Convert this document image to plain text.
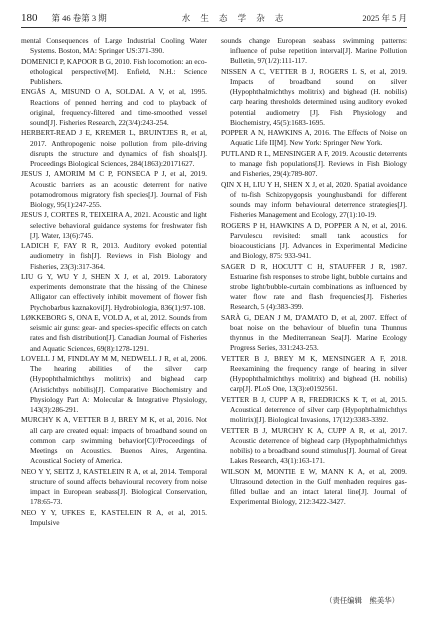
180 第 46 卷第 3 期	水 生 态 学 杂 志	2025 年 5 月
mental Consequences of Large Industrial Cooling Water Systems. Boston, MA: Springer US:371-390.
DOMENICI P, KAPOOR B G, 2010. Fish locomotion: an eco-ethological perspective[M]. Enfield, N.H.: Science Publishers.
ENGÅS A, MISUND O A, SOLDAL A V, et al, 1995. Reactions of penned herring and cod to playback of original, frequency-filtered and time-smoothed vessel sound[J]. Fisheries Research, 22(3/4):243-254.
HERBERT-READ J E, KREMER L, BRUINTJES R, et al, 2017. Anthropogenic noise pollution from pile-driving disrupts the structure and dynamics of fish shoals[J]. Proceedings Biological Sciences, 284(1863):20171627.
JESUS J, AMORIM M C P, FONSECA P J, et al, 2019. Acoustic barriers as an acoustic deterrent for native potamodromous migratory fish species[J]. Journal of Fish Biology, 95(1):247-255.
JESUS J, CORTES R, TEIXEIRA A, 2021. Acoustic and light selective behavioral guidance systems for freshwater fish [J]. Water, 13(6):745.
LADICH F, FAY R R, 2013. Auditory evoked potential audiometry in fish[J]. Reviews in Fish Biology and Fisheries, 23(3):317-364.
LIU G Y, WU Y J, SHEN X J, et al, 2019. Laboratory experiments demonstrate that the hissing of the Chinese Alligator can effectively inhibit movement of flower fish Ptychobarbus kaznakovi[J]. Hydrobiologia, 836(1):97-108.
LØKKEBORG S, ONA E, VOLD A, et al, 2012. Sounds from seismic air guns: gear- and species-specific effects on catch rates and fish distribution[J]. Canadian Journal of Fisheries and Aquatic Sciences, 69(8):1278-1291.
LOVELL J M, FINDLAY M M, NEDWELL J R, et al, 2006. The hearing abilities of the silver carp (Hypophthalmichthys molitrix) and bighead carp (Aristichthys nobilis)[J]. Comparative Biochemistry and Physiology Part A: Molecular & Integrative Physiology, 143(3):286-291.
MURCHY K A, VETTER B J, BREY M K, et al, 2016. Not all carp are created equal: impacts of broadband sound on common carp swimming behavior[C]//Proceedings of Meetings on Acoustics. Buenos Aires, Argentina. Acoustical Society of America.
NEO Y Y, SEITZ J, KASTELEIN R A, et al, 2014. Temporal structure of sound affects behavioural recovery from noise impact in European seabass[J]. Biological Conservation, 178:65-73.
NEO Y Y, UFKES E, KASTELEIN R A, et al, 2015. Impulsive
sounds change European seabass swimming patterns: influence of pulse repetition interval[J]. Marine Pollution Bulletin, 97(1/2):111-117.
NISSEN A C, VETTER B J, ROGERS L S, et al, 2019. Impacts of broadband sound on silver (Hypophthalmichthys molitrix) and bighead (H. nobilis) carp hearing thresholds determined using auditory evoked potential audiometry [J]. Fish Physiology and Biochemistry, 45(5):1683-1695.
POPPER A N, HAWKINS A, 2016. The Effects of Noise on Aquatic Life II[M]. New York: Springer New York.
PUTLAND R L, MENSINGER A F, 2019. Acoustic deterrents to manage fish populations[J]. Reviews in Fish Biology and Fisheries, 29(4):789-807.
QIN X H, LIU Y H, SHEN X J, et al, 2020. Spatial avoidance of tu-fish Schizopygopsis younghusbandi for different sounds may inform behavioural deterrence strategies[J]. Fisheries Management and Ecology, 27(1):10-19.
ROGERS P H, HAWKINS A D, POPPER A N, et al, 2016. Parvulescu revisited: small tank acoustics for bioacousticians [J]. Advances in Experimental Medicine and Biology, 875: 933-941.
SAGER D R, HOCUTT C H, STAUFFER J R, 1987. Estuarine fish responses to strobe light, bubble curtains and strobe light/bubble-curtain combinations as influenced by water flow rate and flash frequencies[J]. Fisheries Research, 5 (4):383-399.
SARÀ G, DEAN J M, D'AMATO D, et al, 2007. Effect of boat noise on the behaviour of bluefin tuna Thunnus thynnus in the Mediterranean Sea[J]. Marine Ecology Progress Series, 331:243-253.
VETTER B J, BREY M K, MENSINGER A F, 2018. Reexamining the frequency range of hearing in silver (Hypophthalmichthys molitrix) and bighead (H. nobilis) carp[J]. PLoS One, 13(3):e0192561.
VETTER B J, CUPP A R, FREDRICKS K T, et al, 2015. Acoustical deterrence of silver carp (Hypophthalmichthys molitrix)[J]. Biological Invasions, 17(12):3383-3392.
VETTER B J, MURCHY K A, CUPP A R, et al, 2017. Acoustic deterrence of bighead carp (Hypophthalmichthys nobilis) to a broadband sound stimulus[J]. Journal of Great Lakes Research, 43(1):163-171.
WILSON M, MONTIE E W, MANN K A, et al, 2009. Ultrasound detection in the Gulf menhaden requires gas-filled bullae and an intact lateral line[J]. Journal of Experimental Biology, 212:3422-3427.
（责任编辑　熊美华）
